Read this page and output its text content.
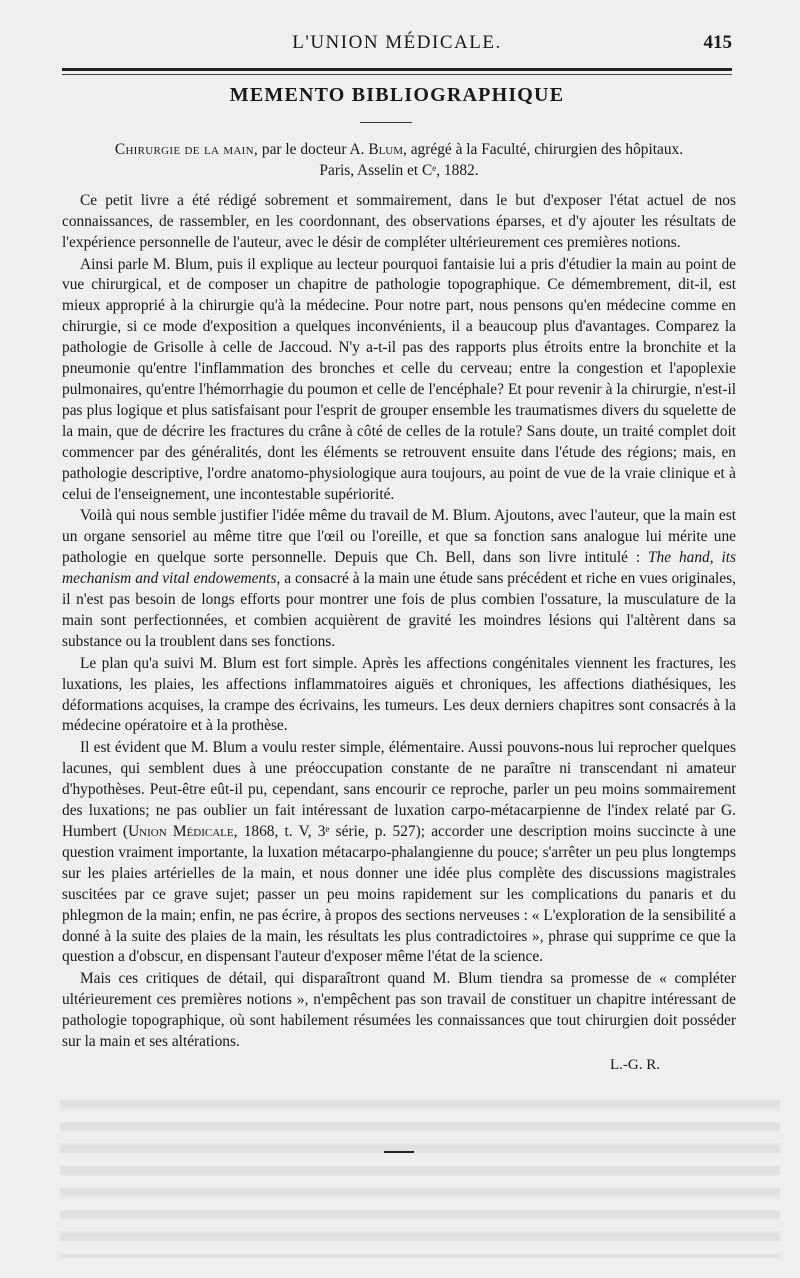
L'UNION MÉDICALE.	415
MEMENTO BIBLIOGRAPHIQUE
Chirurgie de la main, par le docteur A. Blum, agrégé à la Faculté, chirurgien des hôpitaux.
Paris, Asselin et Cᵉ, 1882.

Ce petit livre a été rédigé sobrement et sommairement, dans le but d'exposer l'état actuel de nos connaissances, de rassembler, en les coordonnant, des observations éparses, et d'y ajouter les résultats de l'expérience personnelle de l'auteur, avec le désir de compléter ultérieurement ces premières notions.

Ainsi parle M. Blum, puis il explique au lecteur pourquoi fantaisie lui a pris d'étudier la main au point de vue chirurgical, et de composer un chapitre de pathologie topographique. Ce démembrement, dit-il, est mieux approprié à la chirurgie qu'à la médecine. Pour notre part, nous pensons qu'en médecine comme en chirurgie, si ce mode d'exposition a quelques inconvénients, il a beaucoup plus d'avantages. Comparez la pathologie de Grisolle à celle de Jaccoud. N'y a-t-il pas des rapports plus étroits entre la bronchite et la pneumonie qu'entre l'inflammation des bronches et celle du cerveau; entre la congestion et l'apoplexie pulmonaires, qu'entre l'hémorrhagie du poumon et celle de l'encéphale? Et pour revenir à la chirurgie, n'est-il pas plus logique et plus satisfaisant pour l'esprit de grouper ensemble les traumatismes divers du squelette de la main, que de décrire les fractures du crâne à côté de celles de la rotule? Sans doute, un traité complet doit commencer par des généralités, dont les éléments se retrouvent ensuite dans l'étude des régions; mais, en pathologie descriptive, l'ordre anatomo-physiologique aura toujours, au point de vue de la vraie clinique et à celui de l'enseignement, une incontestable supériorité.

Voilà qui nous semble justifier l'idée même du travail de M. Blum. Ajoutons, avec l'auteur, que la main est un organe sensoriel au même titre que l'œil ou l'oreille, et que sa fonction sans analogue lui mérite une pathologie en quelque sorte personnelle. Depuis que Ch. Bell, dans son livre intitulé : The hand, its mechanism and vital endowements, a consacré à la main une étude sans précédent et riche en vues originales, il n'est pas besoin de longs efforts pour montrer une fois de plus combien l'ossature, la musculature de la main sont perfectionnées, et combien acquièrent de gravité les moindres lésions qui l'altèrent dans sa substance ou la troublent dans ses fonctions.

Le plan qu'a suivi M. Blum est fort simple. Après les affections congénitales viennent les fractures, les luxations, les plaies, les affections inflammatoires aiguës et chroniques, les affections diathésiques, les déformations acquises, la crampe des écrivains, les tumeurs. Les deux derniers chapitres sont consacrés à la médecine opératoire et à la prothèse.

Il est évident que M. Blum a voulu rester simple, élémentaire. Aussi pouvons-nous lui reprocher quelques lacunes, qui semblent dues à une préoccupation constante de ne paraître ni transcendant ni amateur d'hypothèses. Peut-être eût-il pu, cependant, sans encourir ce reproche, parler un peu moins sommairement des luxations; ne pas oublier un fait intéressant de luxation carpo-métacarpienne de l'index relaté par G. Humbert (Union Médicale, 1868, t. V, 3ᵉ série, p. 527); accorder une description moins succincte à une question vraiment importante, la luxation métacarpo-phalangienne du pouce; s'arrêter un peu plus longtemps sur les plaies artérielles de la main, et nous donner une idée plus complète des discussions magistrales suscitées par ce grave sujet; passer un peu moins rapidement sur les complications du panaris et du phlegmon de la main; enfin, ne pas écrire, à propos des sections nerveuses : « L'exploration de la sensibilité a donné à la suite des plaies de la main, les résultats les plus contradictoires », phrase qui supprime ce que la question a d'obscur, en dispensant l'auteur d'exposer même l'état de la science.

Mais ces critiques de détail, qui disparaîtront quand M. Blum tiendra sa promesse de « compléter ultérieurement ces premières notions », n'empêchent pas son travail de constituer un chapitre intéressant de pathologie topographique, où sont habilement résumées les connaissances que tout chirurgien doit posséder sur la main et ses altérations.

L.-G. R.
